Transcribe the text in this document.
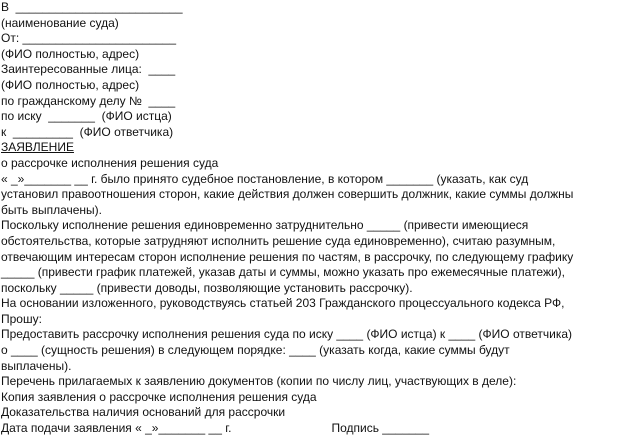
В  _________________________

(наименование суда)

От: _______________________

(ФИО полностью, адрес)

Заинтересованные лица:  ____

(ФИО полностью, адрес)

по гражданскому делу №  ____

по иску  _______  (ФИО истца)

к  _________  (ФИО ответчика)

ЗАЯВЛЕНИЕ

о рассрочке исполнения решения суда

« _»_______ __ г. было принято судебное постановление, в котором _______ (указать, как суд

установил правоотношения сторон, какие действия должен совершить должник, какие суммы должны

быть выплачены).

Поскольку исполнение решения единовременно затруднительно _____ (привести имеющиеся

обстоятельства, которые затрудняют исполнить решение суда единовременно), считаю разумным,

отвечающим интересам сторон исполнение решения по частям, в рассрочку, по следующему графику

_____ (привести график платежей, указав даты и суммы, можно указать про ежемесячные платежи),

поскольку _____ (привести доводы, позволяющие установить рассрочку).

На основании изложенного, руководствуясь статьей 203 Гражданского процессуального кодекса РФ,

Прошу:

Предоставить рассрочку исполнения решения суда по иску ____ (ФИО истца) к ____ (ФИО ответчика)

о ____ (сущность решения) в следующем порядке: ____ (указать когда, какие суммы будут

выплачены).

Перечень прилагаемых к заявлению документов (копии по числу лиц, участвующих в деле):

Копия заявления о рассрочке исполнения решения суда

Доказательства наличия оснований для рассрочки

Дата подачи заявления « _»_______ __ г.                              Подпись _______
